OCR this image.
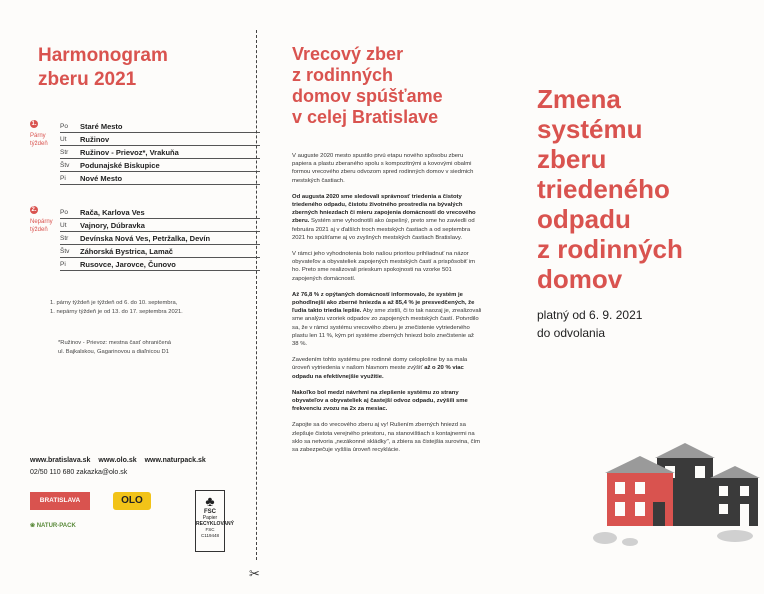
Harmonogram
zberu 2021
1.
Párny týždeň
Po	Staré Mesto
Ut	Ružinov
Str	Ružinov - Prievoz*, Vrakuňa
Štv	Podunajské Biskupice
Pi	Nové Mesto
2.
Nepárny týždeň
Po	Rača, Karlova Ves
Ut	Vajnory, Dúbravka
Str	Devínska Nová Ves, Petržalka, Devín
Štv	Záhorská Bystrica, Lamač
Pi	Rusovce, Jarovce, Čunovo
1. párny týždeň je týždeň od 6. do 10. septembra,
1. nepárny týždeň je od 13. do 17. septembra 2021.
*Ružinov - Prievoz: mestna časť ohraničená
ul. Bajkalskou, Gagarinovou a diaľnicou D1
www.bratislava.sk www.olo.sk www.naturpack.sk
02/50 110 680 zakazka@olo.sk
BRATISLAVA	OLO	♣
FSC
Papier
RECYKLOVANÝ
FSC C119448
❀ NATUR-PACK
✂
Vrecový zber
z rodinných
domov spúšťame
v celej Bratislave

V auguste 2020 mesto spustilo prvú etapu nového spôsobu zberu papiera a plastu zberaného spolu s kompozitnými a kovovými obalmi formou vrecového zberu odvozom spred rodinných domov v siedmich mestských častiach.

Od augusta 2020 sme sledovali správnosť triedenia a čistoty triedeného odpadu, čistotu životného prostredia na bývalých zberných hniezdach či mieru zapojenia domácností do vrecového zberu. Systém sme vyhodnotili ako úspešný, preto sme ho zaviedli od februára 2021 aj v ďalších troch mestských častiach a od septembra 2021 ho spúšťame aj vo zvyšných mestských častiach Bratislavy.

V rámci jeho vyhodnotenia bolo našou prioritou prihliadnuť na názor obyvateľov a obyvateliek zapojených mestských častí a prispôsobiť im ho. Preto sme realizovali prieskum spokojnosti na vzorke 501 zapojených domácností.

Až 76,8 % z opýtaných domácností informovalo, že systém je pohodlnejší ako zberné hniezda a až 85,4 % je presvedčených, že ľudia takto triedia lepšie. Aby sme zistili, či to tak naozaj je, zrealizovali sme analýzu vzoriek odpadov zo zapojených mestských častí. Potvrdilo sa, že v rámci systému vrecového zberu je znečistenie vytriedeného plastu len 11 %, kým pri systéme zberných hniezd bolo znečistenie až 38 %.

Zavedením tohto systému pre rodinné domy celoplošne by sa mala úroveň vytriedenia v našom hlavnom meste zvýšiť až o 20 % viac odpadu na efektívnejšie využitie.

Nakoľko bol medzi návrhmi na zlepšenie systému zo strany obyvateľov a obyvateliek aj častejší odvoz odpadu, zvýšili sme frekvenciu zvozu na 2x za mesiac.

Zapojte sa do vrecového zberu aj vy! Rušením zberných hniezd sa zlepšuje čistota verejného priestoru, na stanovištiach s kontajnermi na sklo sa netvoria „nezákonné skládky", a zbiera sa čistejšia surovina, čím sa zabezpečuje vyššia úroveň recyklácie.

Zmena
systému
zberu
triedeného
odpadu
z rodinných
domov
platný od 6. 9. 2021
do odvolania
